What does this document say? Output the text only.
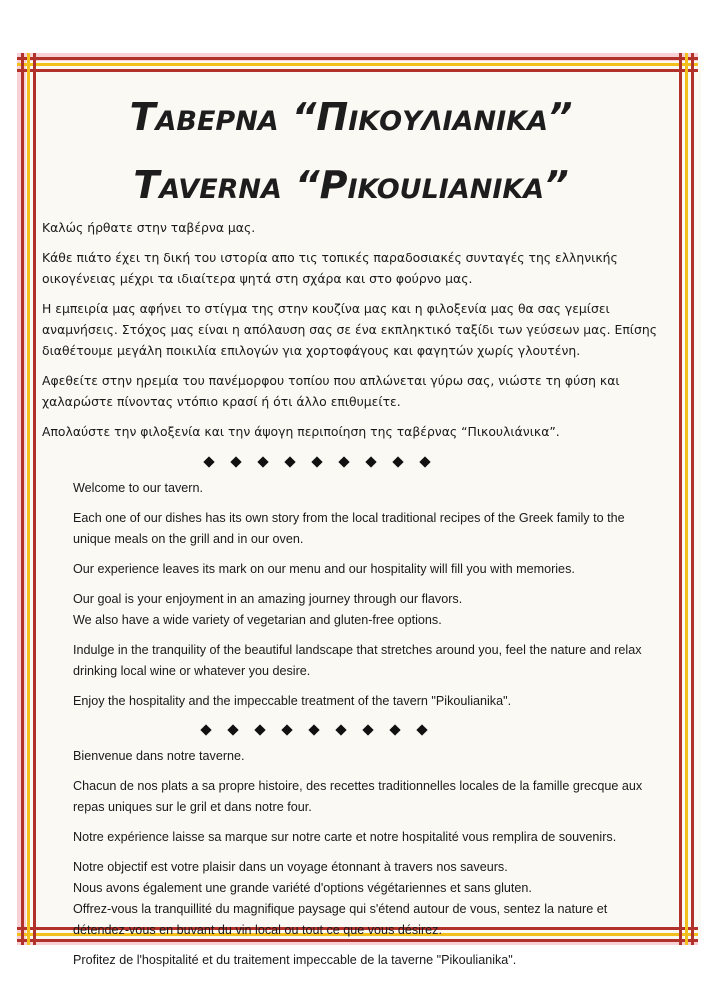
Ταβερνα “Πικουλιανικα”
Taverna “Pikoulianika”

Καλώς ήρθατε στην ταβέρνα μας.

Κάθε πιάτο έχει τη δική του ιστορία απο τις τοπικές παραδοσιακές συνταγές της ελληνικής οικογένειας μέχρι τα ιδιαίτερα ψητά στη σχάρα και στο φούρνο μας.

Η εμπειρία μας αφήνει το στίγμα της στην κουζίνα μας και η φιλοξενία μας θα σας γεμίσει αναμνήσεις. Στόχος μας είναι η απόλαυση σας σε ένα εκπληκτικό ταξίδι των γεύσεων μας. Επίσης διαθέτουμε μεγάλη ποικιλία επιλογών για χορτοφάγους και φαγητών χωρίς γλουτένη.

Αφεθείτε στην ηρεμία του πανέμορφου τοπίου που απλώνεται γύρω σας, νιώστε τη φύση και χαλαρώστε πίνοντας ντόπιο κρασί ή ότι άλλο επιθυμείτε.

Απολαύστε την φιλοξενία και την άψογη περιποίηση της ταβέρνας “Πικουλιάνικα”.

Welcome to our tavern.

Each one of our dishes has its own story from the local traditional recipes of the Greek family to the unique meals on the grill and in our oven.

Our experience leaves its mark on our menu and our hospitality will fill you with memories.

Our goal is your enjoyment in an amazing journey through our flavors.

We also have a wide variety of vegetarian and gluten-free options.

Indulge in the tranquility of the beautiful landscape that stretches around you, feel the nature and relax drinking local wine or whatever you desire.

Enjoy the hospitality and the impeccable treatment of the tavern "Pikoulianika".

Bienvenue dans notre taverne.

Chacun de nos plats a sa propre histoire, des recettes traditionnelles locales de la famille grecque aux repas uniques sur le gril et dans notre four.

Notre expérience laisse sa marque sur notre carte et notre hospitalité vous remplira de souvenirs.

Notre objectif est votre plaisir dans un voyage étonnant à travers nos saveurs.

Nous avons également une grande variété d'options végétariennes et sans gluten.

Offrez-vous la tranquillité du magnifique paysage qui s'étend autour de vous, sentez la nature et détendez-vous en buvant du vin local ou tout ce que vous désirez.

Profitez de l'hospitalité et du traitement impeccable de la taverne "Pikoulianika".
